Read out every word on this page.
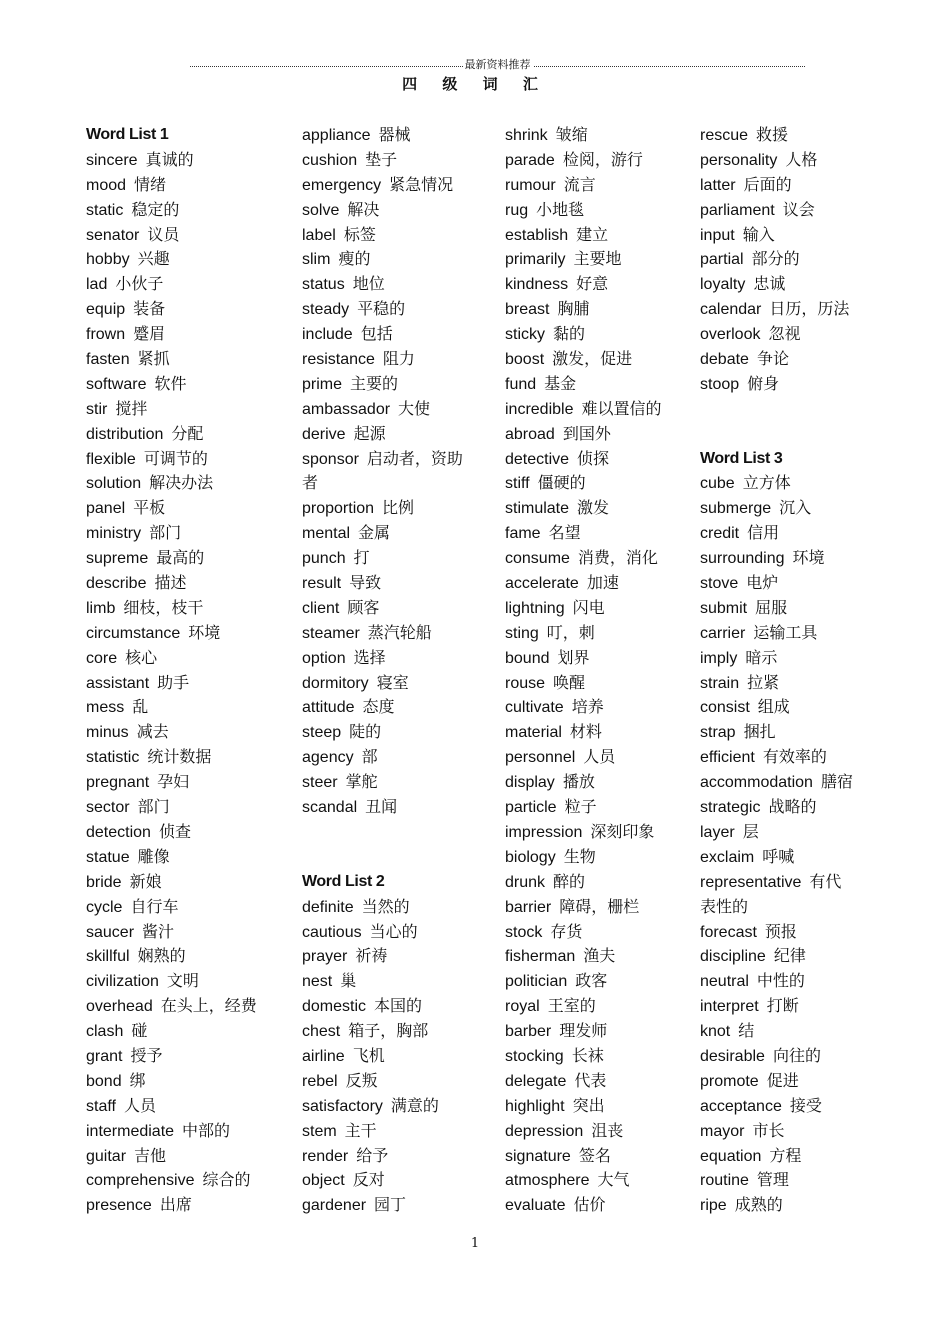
最新资料推荐
四 级 词 汇
Word List 1
sincere 真诚的
mood 情绪
static 稳定的
senator 议员
hobby 兴趣
lad 小伙子
equip 装备
frown 蹙眉
fasten 紧抓
software 软件
stir 搅拌
distribution 分配
flexible 可调节的
solution 解决办法
panel 平板
ministry 部门
supreme 最高的
describe 描述
limb 细枝，枝干
circumstance 环境
core 核心
assistant 助手
mess 乱
minus 减去
statistic 统计数据
pregnant 孕妇
sector 部门
detection 侦查
statue 雕像
bride 新娘
cycle 自行车
saucer 酱汁
skillful 娴熟的
civilization 文明
overhead 在头上，经费
clash 碰
grant 授予
bond 绑
staff 人员
intermediate 中部的
guitar 吉他
comprehensive 综合的
presence 出席
appliance 器械
cushion 垫子
emergency 紧急情况
solve 解决
label 标签
slim 瘦的
status 地位
steady 平稳的
include 包括
resistance 阻力
prime 主要的
ambassador 大使
derive 起源
sponsor 启动者，资助
者
proportion 比例
mental 金属
punch 打
result 导致
client 顾客
steamer 蒸汽轮船
option 选择
dormitory 寝室
attitude 态度
steep 陡的
agency 部
steer 掌舵
scandal 丑闻
Word List 2
definite 当然的
cautious 当心的
prayer 祈祷
nest 巢
domestic 本国的
chest 箱子，胸部
airline 飞机
rebel 反叛
satisfactory 满意的
stem 主干
render 给予
object 反对
gardener 园丁
shrink 皱缩
parade 检阅，游行
rumour 流言
rug 小地毯
establish 建立
primarily 主要地
kindness 好意
breast 胸脯
sticky 黏的
boost 激发，促进
fund 基金
incredible 难以置信的
abroad 到国外
detective 侦探
stiff 僵硬的
stimulate 激发
fame 名望
consume 消费，消化
accelerate 加速
lightning 闪电
sting 叮，刺
bound 划界
rouse 唤醒
cultivate 培养
material 材料
personnel 人员
display 播放
particle 粒子
impression 深刻印象
biology 生物
drunk 醉的
barrier 障碍，栅栏
stock 存货
fisherman 渔夫
politician 政客
royal 王室的
barber 理发师
stocking 长袜
delegate 代表
highlight 突出
depression 沮丧
signature 签名
atmosphere 大气
evaluate 估价
rescue 救援
personality 人格
latter 后面的
parliament 议会
input 输入
partial 部分的
loyalty 忠诚
calendar 日历，历法
overlook 忽视
debate 争论
stoop 俯身
Word List 3
cube 立方体
submerge 沉入
credit 信用
surrounding 环境
stove 电炉
submit 屈服
carrier 运输工具
imply 暗示
strain 拉紧
consist 组成
strap 捆扎
efficient 有效率的
accommodation 膳宿
strategic 战略的
layer 层
exclaim 呼喊
representative 有代
表性的
forecast 预报
discipline 纪律
neutral 中性的
interpret 打断
knot 结
desirable 向往的
promote 促进
acceptance 接受
mayor 市长
equation 方程
routine 管理
ripe 成熟的
1
